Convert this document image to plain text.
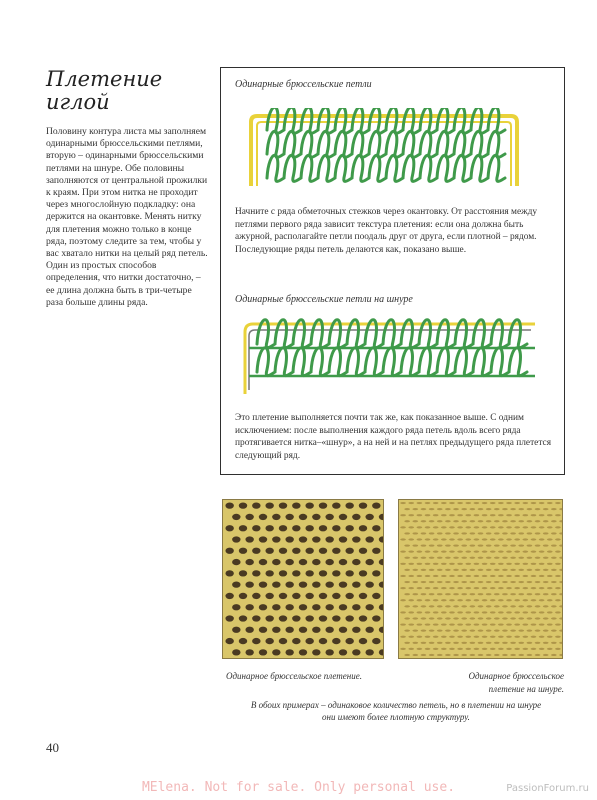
Плетение иглой

Половину контура листа мы заполняем одинарными брюссельскими петлями, вторую – одинарными брюссельскими петлями на шнуре. Обе половины заполняются от центральной прожилки к краям. При этом нитка не проходит через многослойную подкладку: она держится на окантовке. Менять нитку для плетения можно только в конце ряда, поэтому следите за тем, чтобы у вас хватало нитки на целый ряд петель. Один из простых способов определения, что нитки достаточно, – ее длина должна быть в три-четыре раза больше длины ряда.

Одинарные брюссельские петли

Начните с ряда обметочных стежков через окантовку. От расстояния между петлями первого ряда зависит текстура плетения: если она должна быть ажурной, располагайте петли поодаль друг от друга, если плотной – рядом. Последующие ряды петель делаются как, показано выше.

Одинарные брюссельские петли на шнуре

Это плетение выполняется почти так же, как показанное выше. С одним исключением: после выполнения каждого ряда петель вдоль всего ряда протягивается нитка–«шнур», а на ней и на петлях предыдущего ряда плетется следующий ряд.

Одинарное брюссельское плетение.	Одинарное брюссельское

плетение на шнуре.

В обоих примерах – одинаковое количество петель, но в плетении на шнуре

они имеют более плотную структуру.

40

MElena. Not for sale. Only personal use.	PassionForum.ru
